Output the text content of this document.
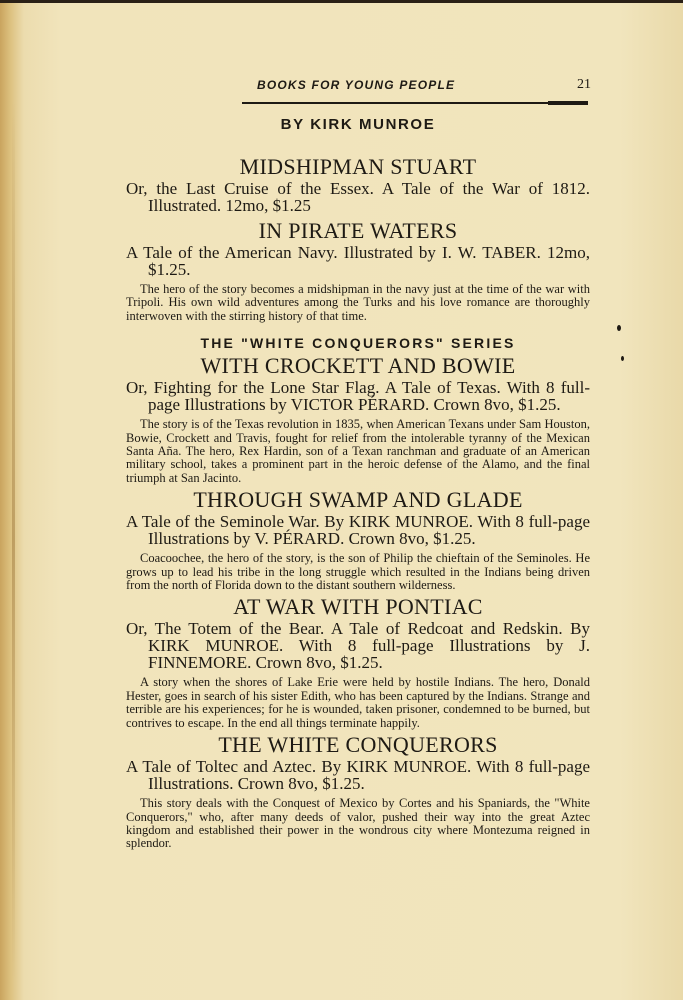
BOOKS FOR YOUNG PEOPLE	21
BY KIRK MUNROE
MIDSHIPMAN STUART

Or, the Last Cruise of the Essex. A Tale of the War of 1812. Illustrated. 12mo, $1.25

IN PIRATE WATERS

A Tale of the American Navy. Illustrated by I. W. TABER. 12mo, $1.25.

The hero of the story becomes a midshipman in the navy just at the time of the war with Tripoli. His own wild adventures among the Turks and his love romance are thoroughly interwoven with the stirring history of that time.

THE "WHITE CONQUERORS" SERIES
WITH CROCKETT AND BOWIE

Or, Fighting for the Lone Star Flag. A Tale of Texas. With 8 full-page Illustrations by VICTOR PÉRARD. Crown 8vo, $1.25.

The story is of the Texas revolution in 1835, when American Texans under Sam Houston, Bowie, Crockett and Travis, fought for relief from the intolerable tyranny of the Mexican Santa Aña. The hero, Rex Hardin, son of a Texan ranchman and graduate of an American military school, takes a prominent part in the heroic defense of the Alamo, and the final triumph at San Jacinto.

THROUGH SWAMP AND GLADE

A Tale of the Seminole War. By KIRK MUNROE. With 8 full-page Illustrations by V. PÉRARD. Crown 8vo, $1.25.

Coacoochee, the hero of the story, is the son of Philip the chieftain of the Seminoles. He grows up to lead his tribe in the long struggle which resulted in the Indians being driven from the north of Florida down to the distant southern wilderness.

AT WAR WITH PONTIAC

Or, The Totem of the Bear. A Tale of Redcoat and Redskin. By KIRK MUNROE. With 8 full-page Illustrations by J. FINNEMORE. Crown 8vo, $1.25.

A story when the shores of Lake Erie were held by hostile Indians. The hero, Donald Hester, goes in search of his sister Edith, who has been captured by the Indians. Strange and terrible are his experiences; for he is wounded, taken prisoner, condemned to be burned, but contrives to escape. In the end all things terminate happily.

THE WHITE CONQUERORS

A Tale of Toltec and Aztec. By KIRK MUNROE. With 8 full-page Illustrations. Crown 8vo, $1.25.

This story deals with the Conquest of Mexico by Cortes and his Spaniards, the "White Conquerors," who, after many deeds of valor, pushed their way into the great Aztec kingdom and established their power in the wondrous city where Montezuma reigned in splendor.
